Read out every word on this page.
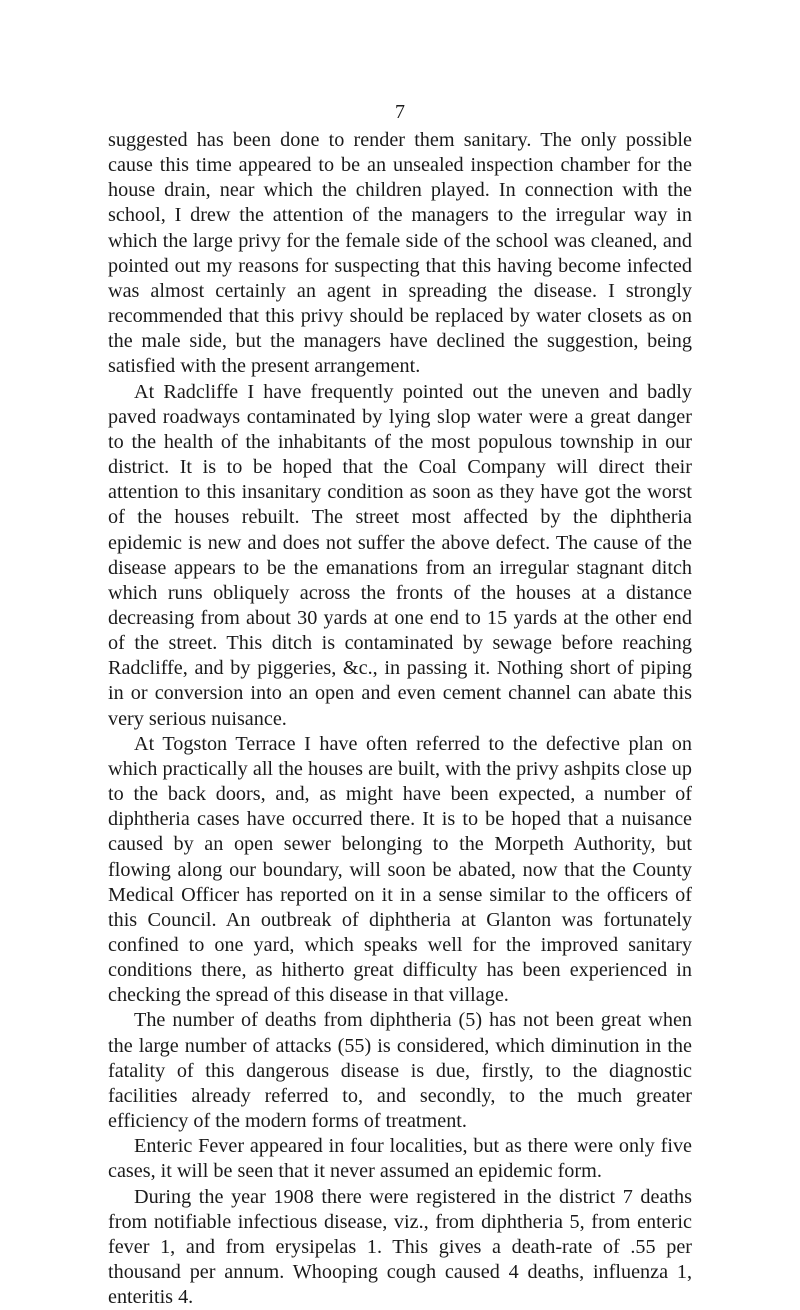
7

suggested has been done to render them sanitary. The only possible cause this time appeared to be an unsealed inspection chamber for the house drain, near which the children played. In connection with the school, I drew the attention of the managers to the irregular way in which the large privy for the female side of the school was cleaned, and pointed out my reasons for suspecting that this having become infected was almost certainly an agent in spreading the disease. I strongly recommended that this privy should be replaced by water closets as on the male side, but the managers have declined the suggestion, being satisfied with the present arrangement.

At Radcliffe I have frequently pointed out the uneven and badly paved roadways contaminated by lying slop water were a great danger to the health of the inhabitants of the most populous township in our district. It is to be hoped that the Coal Company will direct their attention to this insanitary condition as soon as they have got the worst of the houses rebuilt. The street most affected by the diphtheria epidemic is new and does not suffer the above defect. The cause of the disease appears to be the emanations from an irregular stagnant ditch which runs obliquely across the fronts of the houses at a distance decreasing from about 30 yards at one end to 15 yards at the other end of the street. This ditch is contaminated by sewage before reaching Radcliffe, and by piggeries, &c., in passing it. Nothing short of piping in or conversion into an open and even cement channel can abate this very serious nuisance.

At Togston Terrace I have often referred to the defective plan on which practically all the houses are built, with the privy ashpits close up to the back doors, and, as might have been expected, a number of diphtheria cases have occurred there. It is to be hoped that a nuisance caused by an open sewer belonging to the Morpeth Authority, but flowing along our boundary, will soon be abated, now that the County Medical Officer has reported on it in a sense similar to the officers of this Council. An outbreak of diphtheria at Glanton was fortunately confined to one yard, which speaks well for the improved sanitary conditions there, as hitherto great difficulty has been experienced in checking the spread of this disease in that village.

The number of deaths from diphtheria (5) has not been great when the large number of attacks (55) is considered, which diminution in the fatality of this dangerous disease is due, firstly, to the diagnostic facilities already referred to, and secondly, to the much greater efficiency of the modern forms of treatment.

Enteric Fever appeared in four localities, but as there were only five cases, it will be seen that it never assumed an epidemic form.

During the year 1908 there were registered in the district 7 deaths from notifiable infectious disease, viz., from diphtheria 5, from enteric fever 1, and from erysipelas 1. This gives a death-rate of .55 per thousand per annum. Whooping cough caused 4 deaths, influenza 1, enteritis 4.
